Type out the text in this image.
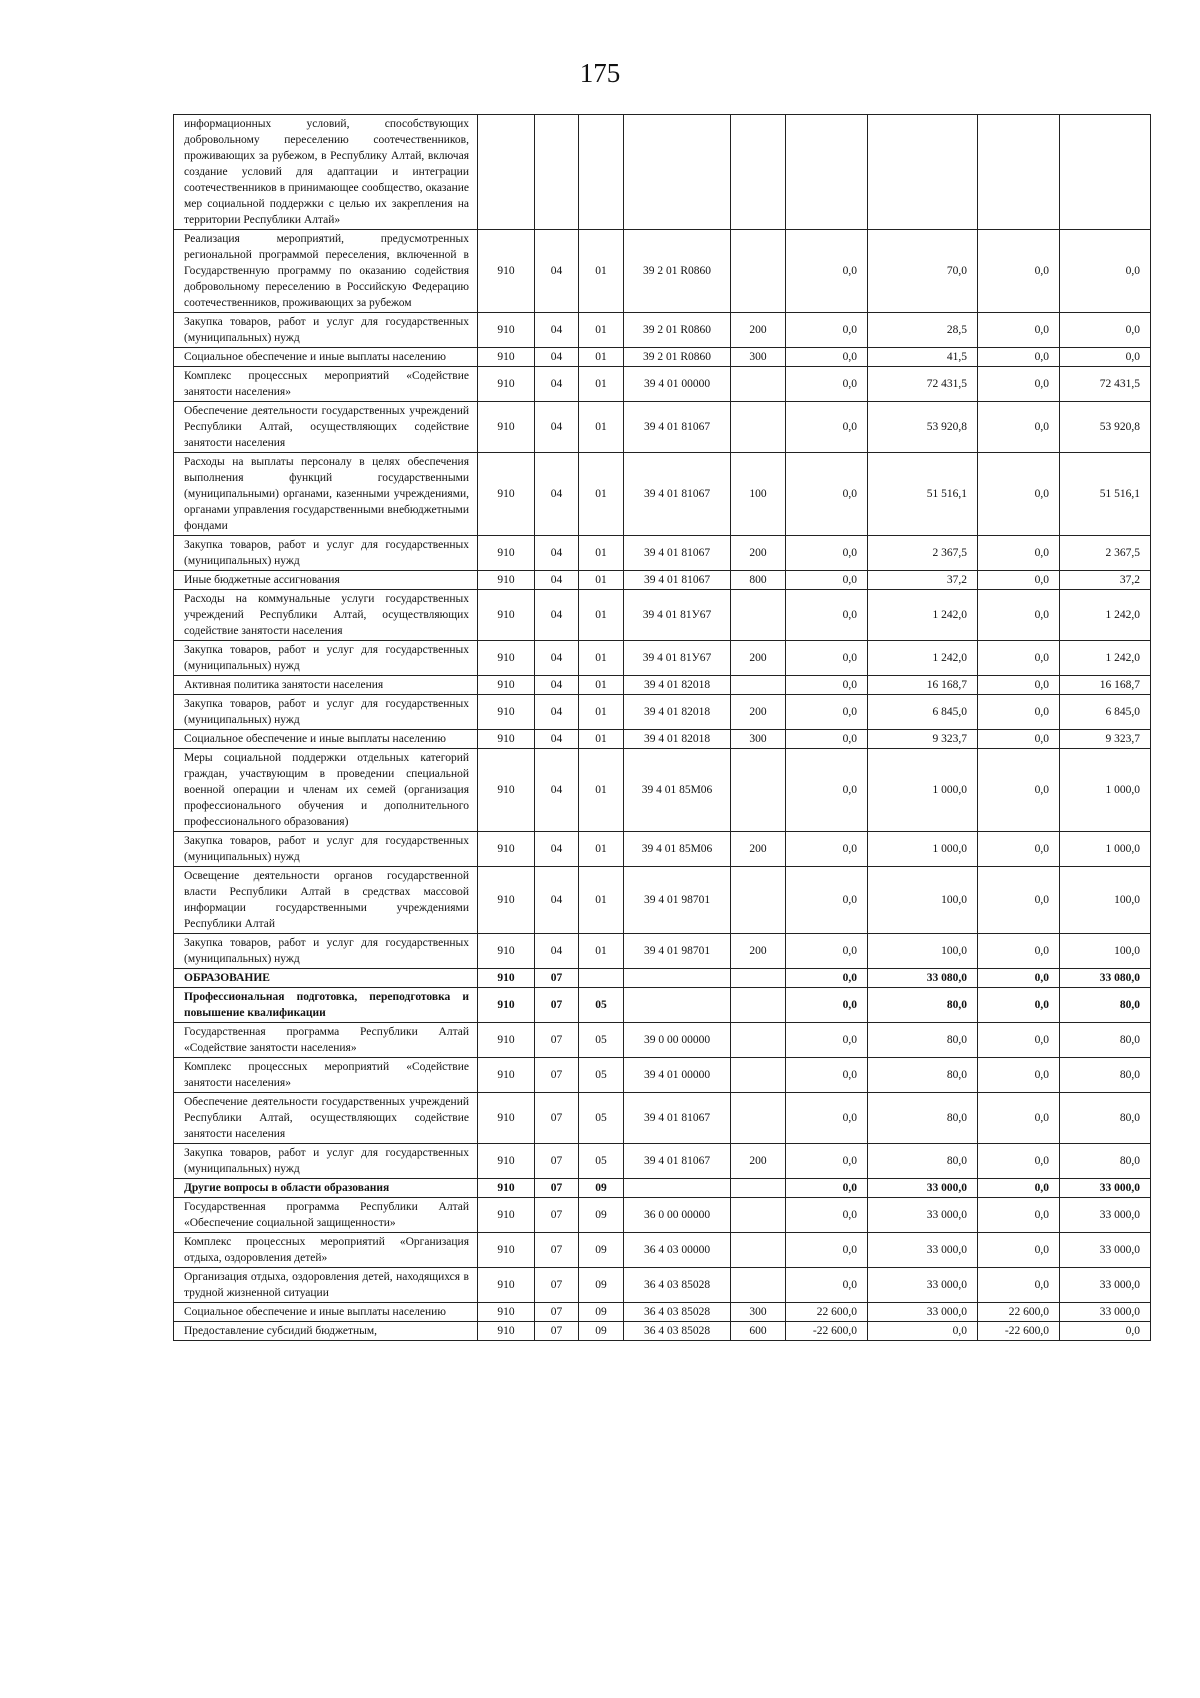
175
информационных условий, способствующих добровольному переселению соотечественников, проживающих за рубежом, в Республику Алтай, включая создание условий для адаптации и интеграции соотечественников в принимающее сообщество, оказание мер социальной поддержки с целью их закрепления на территории Республики Алтай»									
Реализация мероприятий, предусмотренных региональной программой переселения, включенной в Государственную программу по оказанию содействия добровольному переселению в Российскую Федерацию соотечественников, проживающих за рубежом	910	04	01	39 2 01 R0860		0,0	70,0	0,0	0,0
Закупка товаров, работ и услуг для государственных (муниципальных) нужд	910	04	01	39 2 01 R0860	200	0,0	28,5	0,0	0,0
Социальное обеспечение и иные выплаты населению	910	04	01	39 2 01 R0860	300	0,0	41,5	0,0	0,0
Комплекс процессных мероприятий «Содействие занятости населения»	910	04	01	39 4 01 00000		0,0	72 431,5	0,0	72 431,5
Обеспечение деятельности государственных учреждений Республики Алтай, осуществляющих содействие занятости населения	910	04	01	39 4 01 81067		0,0	53 920,8	0,0	53 920,8
Расходы на выплаты персоналу в целях обеспечения выполнения функций государственными (муниципальными) органами, казенными учреждениями, органами управления государственными внебюджетными фондами	910	04	01	39 4 01 81067	100	0,0	51 516,1	0,0	51 516,1
Закупка товаров, работ и услуг для государственных (муниципальных) нужд	910	04	01	39 4 01 81067	200	0,0	2 367,5	0,0	2 367,5
Иные бюджетные ассигнования	910	04	01	39 4 01 81067	800	0,0	37,2	0,0	37,2
Расходы на коммунальные услуги государственных учреждений Республики Алтай, осуществляющих содействие занятости населения	910	04	01	39 4 01 81У67		0,0	1 242,0	0,0	1 242,0
Закупка товаров, работ и услуг для государственных (муниципальных) нужд	910	04	01	39 4 01 81У67	200	0,0	1 242,0	0,0	1 242,0
Активная политика занятости населения	910	04	01	39 4 01 82018		0,0	16 168,7	0,0	16 168,7
Закупка товаров, работ и услуг для государственных (муниципальных) нужд	910	04	01	39 4 01 82018	200	0,0	6 845,0	0,0	6 845,0
Социальное обеспечение и иные выплаты населению	910	04	01	39 4 01 82018	300	0,0	9 323,7	0,0	9 323,7
Меры социальной поддержки отдельных категорий граждан, участвующим в проведении специальной военной операции и членам их семей (организация профессионального обучения и дополнительного профессионального образования)	910	04	01	39 4 01 85М06		0,0	1 000,0	0,0	1 000,0
Закупка товаров, работ и услуг для государственных (муниципальных) нужд	910	04	01	39 4 01 85М06	200	0,0	1 000,0	0,0	1 000,0
Освещение деятельности органов государственной власти Республики Алтай в средствах массовой информации государственными учреждениями Республики Алтай	910	04	01	39 4 01 98701		0,0	100,0	0,0	100,0
Закупка товаров, работ и услуг для государственных (муниципальных) нужд	910	04	01	39 4 01 98701	200	0,0	100,0	0,0	100,0
ОБРАЗОВАНИЕ	910	07				0,0	33 080,0	0,0	33 080,0
Профессиональная подготовка, переподготовка и повышение квалификации	910	07	05			0,0	80,0	0,0	80,0
Государственная программа Республики Алтай «Содействие занятости населения»	910	07	05	39 0 00 00000		0,0	80,0	0,0	80,0
Комплекс процессных мероприятий «Содействие занятости населения»	910	07	05	39 4 01 00000		0,0	80,0	0,0	80,0
Обеспечение деятельности государственных учреждений Республики Алтай, осуществляющих содействие занятости населения	910	07	05	39 4 01 81067		0,0	80,0	0,0	80,0
Закупка товаров, работ и услуг для государственных (муниципальных) нужд	910	07	05	39 4 01 81067	200	0,0	80,0	0,0	80,0
Другие вопросы в области образования	910	07	09			0,0	33 000,0	0,0	33 000,0
Государственная программа Республики Алтай «Обеспечение социальной защищенности»	910	07	09	36 0 00 00000		0,0	33 000,0	0,0	33 000,0
Комплекс процессных мероприятий «Организация отдыха, оздоровления детей»	910	07	09	36 4 03 00000		0,0	33 000,0	0,0	33 000,0
Организация отдыха, оздоровления детей, находящихся в трудной жизненной ситуации	910	07	09	36 4 03 85028		0,0	33 000,0	0,0	33 000,0
Социальное обеспечение и иные выплаты населению	910	07	09	36 4 03 85028	300	22 600,0	33 000,0	22 600,0	33 000,0
Предоставление субсидий бюджетным,	910	07	09	36 4 03 85028	600	-22 600,0	0,0	-22 600,0	0,0
